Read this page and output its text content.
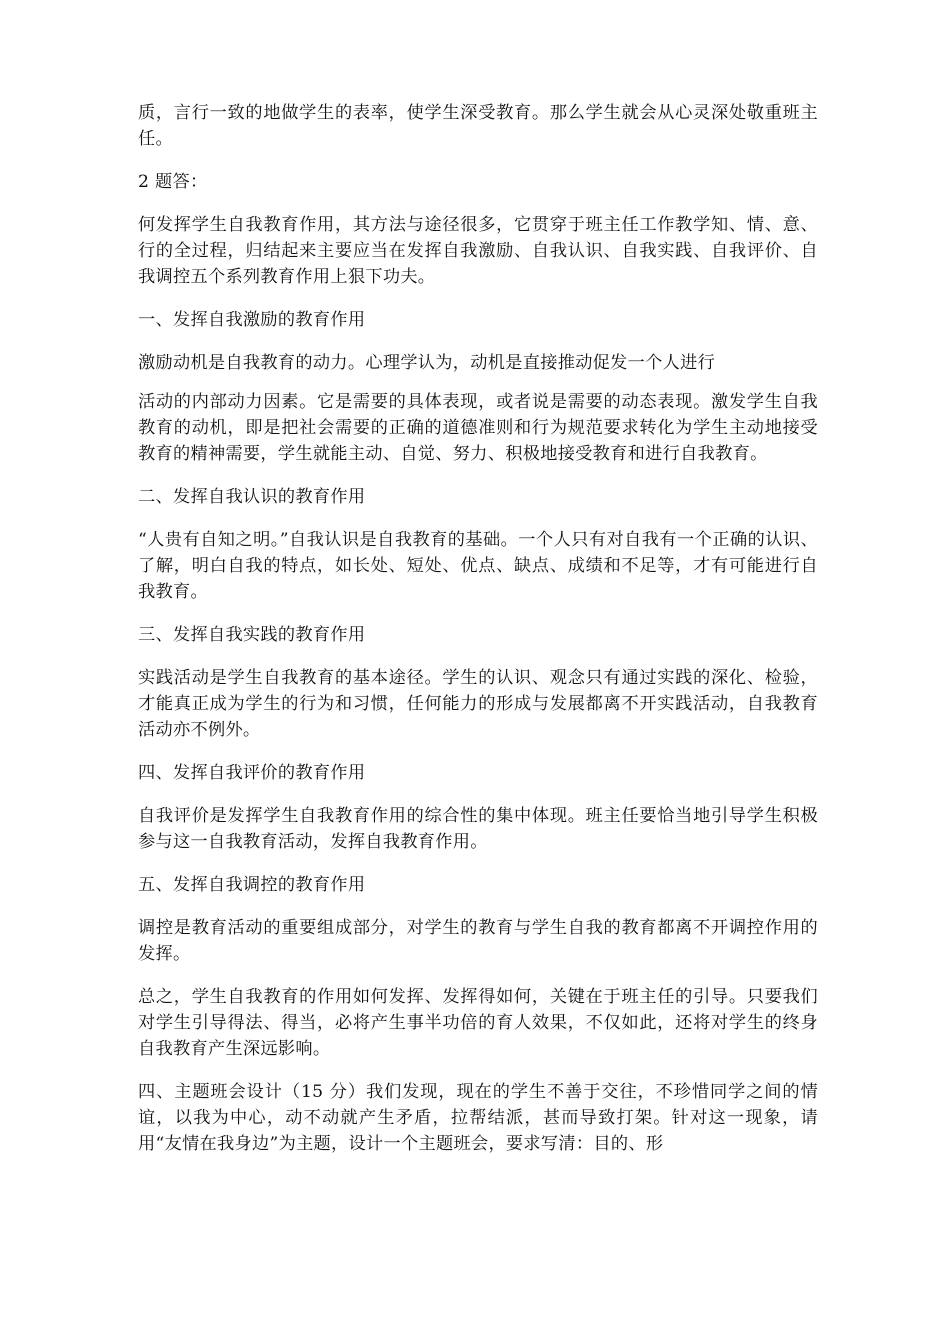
质，言行一致的地做学生的表率，使学生深受教育。那么学生就会从心灵深处敬重班主任。

2 题答：

何发挥学生自我教育作用，其方法与途径很多，它贯穿于班主任工作教学知、情、意、行的全过程，归结起来主要应当在发挥自我激励、自我认识、自我实践、自我评价、自我调控五个系列教育作用上狠下功夫。

一、发挥自我激励的教育作用

激励动机是自我教育的动力。心理学认为，动机是直接推动促发一个人进行

活动的内部动力因素。它是需要的具体表现，或者说是需要的动态表现。激发学生自我教育的动机，即是把社会需要的正确的道德准则和行为规范要求转化为学生主动地接受教育的精神需要，学生就能主动、自觉、努力、积极地接受教育和进行自我教育。

二、发挥自我认识的教育作用

“人贵有自知之明。”自我认识是自我教育的基础。一个人只有对自我有一个正确的认识、了解，明白自我的特点，如长处、短处、优点、缺点、成绩和不足等，才有可能进行自我教育。

三、发挥自我实践的教育作用

实践活动是学生自我教育的基本途径。学生的认识、观念只有通过实践的深化、检验，才能真正成为学生的行为和习惯，任何能力的形成与发展都离不开实践活动，自我教育活动亦不例外。

四、发挥自我评价的教育作用

自我评价是发挥学生自我教育作用的综合性的集中体现。班主任要恰当地引导学生积极参与这一自我教育活动，发挥自我教育作用。

五、发挥自我调控的教育作用

调控是教育活动的重要组成部分，对学生的教育与学生自我的教育都离不开调控作用的发挥。

总之，学生自我教育的作用如何发挥、发挥得如何，关键在于班主任的引导。只要我们对学生引导得法、得当，必将产生事半功倍的育人效果，不仅如此，还将对学生的终身自我教育产生深远影响。

四、主题班会设计（15 分）我们发现，现在的学生不善于交往，不珍惜同学之间的情谊，以我为中心，动不动就产生矛盾，拉帮结派，甚而导致打架。针对这一现象，请用“友情在我身边”为主题，设计一个主题班会，要求写清：目的、形
